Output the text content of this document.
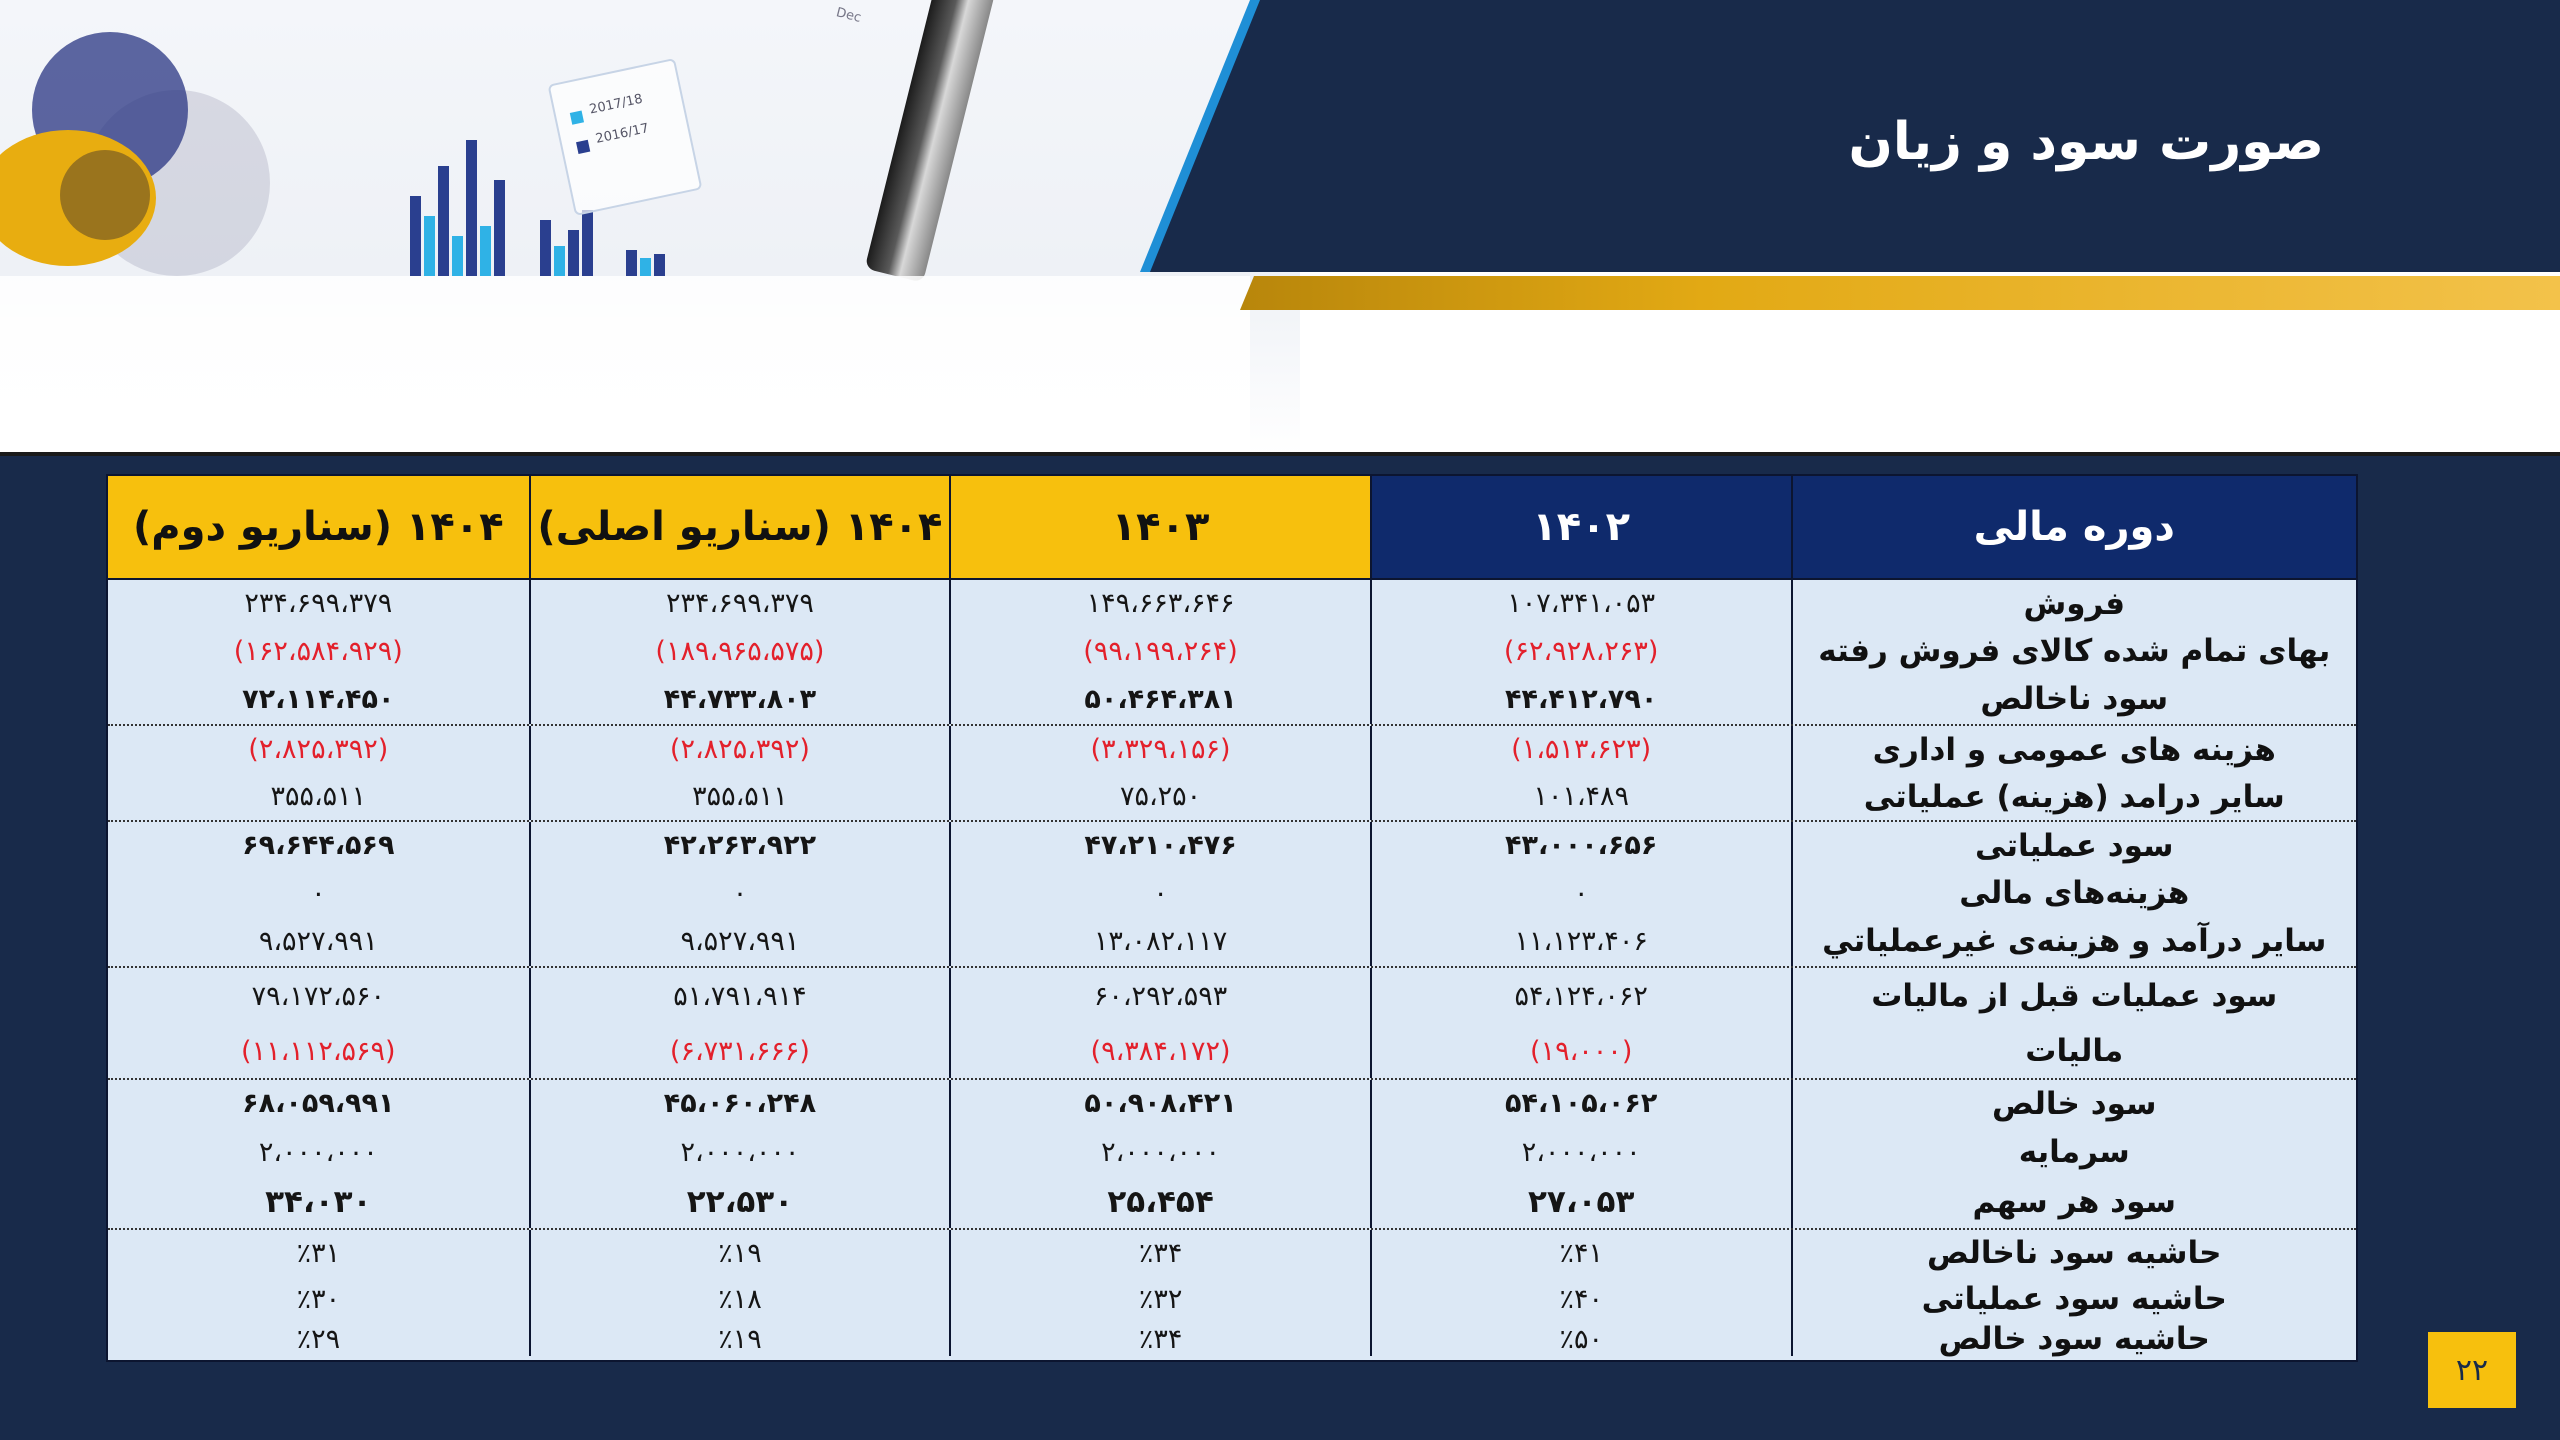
2017/18
2016/17
Dec
صورت سود و زیان
دوره مالی
۱۴۰۲
۱۴۰۳
۱۴۰۴ (سناریو اصلی)
۱۴۰۴ (سناریو دوم)
فروش
بهای تمام شده کالای فروش رفته
سود ناخالص
۱۰۷،۳۴۱،۰۵۳
(۶۲،۹۲۸،۲۶۳)
۴۴،۴۱۲،۷۹۰
۱۴۹،۶۶۳،۶۴۶
(۹۹،۱۹۹،۲۶۴)
۵۰،۴۶۴،۳۸۱
۲۳۴،۶۹۹،۳۷۹
(۱۸۹،۹۶۵،۵۷۵)
۴۴،۷۳۳،۸۰۳
۲۳۴،۶۹۹،۳۷۹
(۱۶۲،۵۸۴،۹۲۹)
۷۲،۱۱۴،۴۵۰
هزینه های عمومی و اداری
سایر درامد (هزینه) عملیاتی
(۱،۵۱۳،۶۲۳)
۱۰۱،۴۸۹
(۳،۳۲۹،۱۵۶)
۷۵،۲۵۰
(۲،۸۲۵،۳۹۲)
۳۵۵،۵۱۱
(۲،۸۲۵،۳۹۲)
۳۵۵،۵۱۱
سود عملیاتی
هزینه‌های مالی
سایر درآمد و هزینه‌ی غیرعملیاتي
۴۳،۰۰۰،۶۵۶
۰
۱۱،۱۲۳،۴۰۶
۴۷،۲۱۰،۴۷۶
۰
۱۳،۰۸۲،۱۱۷
۴۲،۲۶۳،۹۲۲
۰
۹،۵۲۷،۹۹۱
۶۹،۶۴۴،۵۶۹
۰
۹،۵۲۷،۹۹۱
سود عملیات قبل از مالیات
مالیات
۵۴،۱۲۴،۰۶۲
(۱۹،۰۰۰)
۶۰،۲۹۲،۵۹۳
(۹،۳۸۴،۱۷۲)
۵۱،۷۹۱،۹۱۴
(۶،۷۳۱،۶۶۶)
۷۹،۱۷۲،۵۶۰
(۱۱،۱۱۲،۵۶۹)
سود خالص
سرمایه
سود هر سهم
۵۴،۱۰۵،۰۶۲
۲،۰۰۰،۰۰۰
۲۷،۰۵۳
۵۰،۹۰۸،۴۲۱
۲،۰۰۰،۰۰۰
۲۵،۴۵۴
۴۵،۰۶۰،۲۴۸
۲،۰۰۰،۰۰۰
۲۲،۵۳۰
۶۸،۰۵۹،۹۹۱
۲،۰۰۰،۰۰۰
۳۴،۰۳۰
حاشیه سود ناخالص
حاشیه سود عملیاتی
حاشیه سود خالص
٪۴۱
٪۴۰
٪۵۰
٪۳۴
٪۳۲
٪۳۴
٪۱۹
٪۱۸
٪۱۹
٪۳۱
٪۳۰
٪۲۹
۲۲
